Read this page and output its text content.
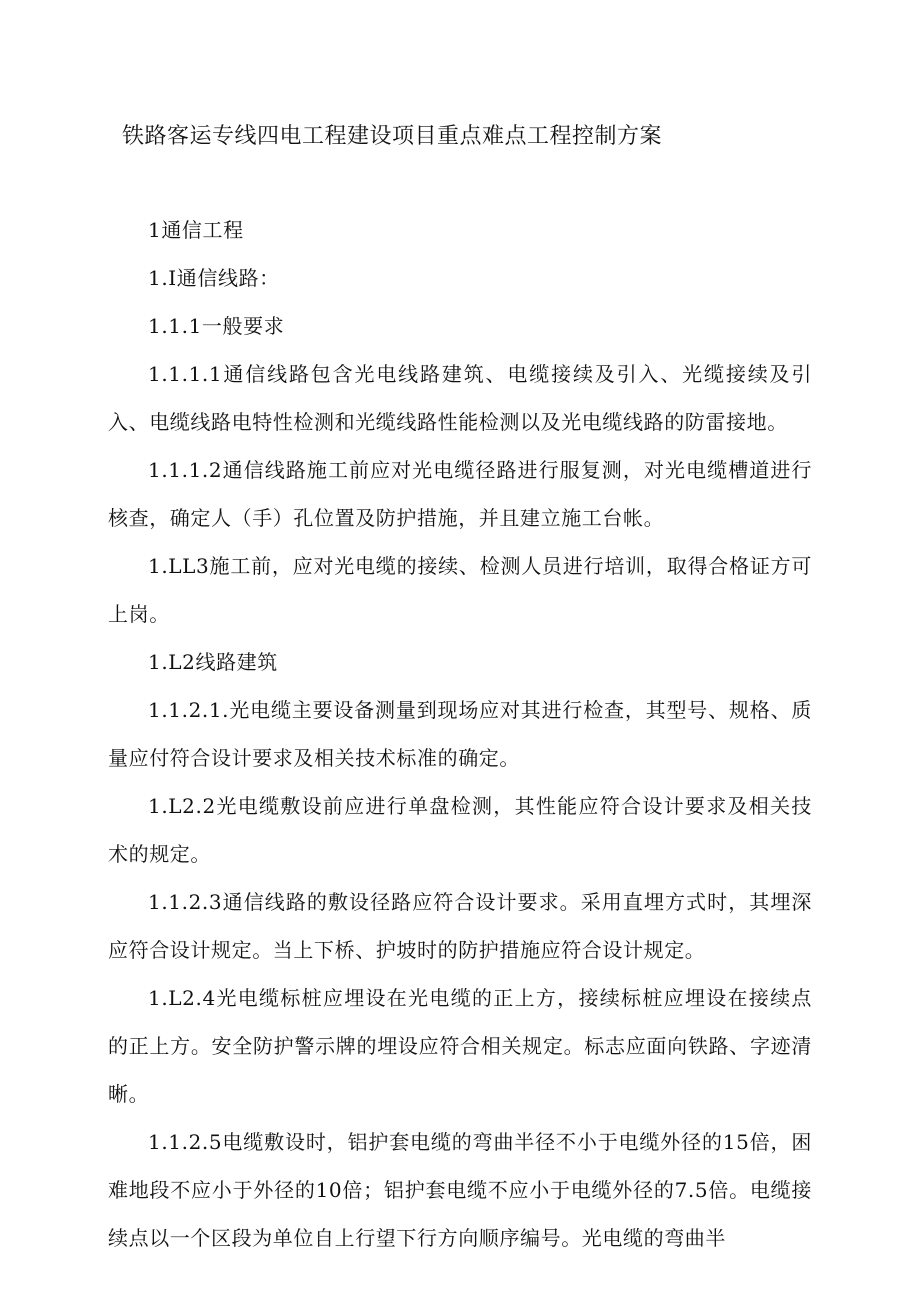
铁路客运专线四电工程建设项目重点难点工程控制方案

1通信工程

1.I通信线路：

1.1.1一般要求

1.1.1.1通信线路包含光电线路建筑、电缆接续及引入、光缆接续及引入、电缆线路电特性检测和光缆线路性能检测以及光电缆线路的防雷接地。

1.1.1.2通信线路施工前应对光电缆径路进行服复测，对光电缆槽道进行核查，确定人（手）孔位置及防护措施，并且建立施工台帐。

1.LL3施工前，应对光电缆的接续、检测人员进行培训，取得合格证方可上岗。

1.L2线路建筑

1.1.2.1.光电缆主要设备测量到现场应对其进行检查，其型号、规格、质量应付符合设计要求及相关技术标准的确定。

1.L2.2光电缆敷设前应进行单盘检测，其性能应符合设计要求及相关技术的规定。

1.1.2.3通信线路的敷设径路应符合设计要求。采用直埋方式时，其埋深应符合设计规定。当上下桥、护坡时的防护措施应符合设计规定。

1.L2.4光电缆标桩应埋设在光电缆的正上方，接续标桩应埋设在接续点的正上方。安全防护警示牌的埋设应符合相关规定。标志应面向铁路、字迹清晰。

1.1.2.5电缆敷设时，铝护套电缆的弯曲半径不小于电缆外径的15倍，困难地段不应小于外径的10倍；铝护套电缆不应小于电缆外径的7.5倍。电缆接续点以一个区段为单位自上行望下行方向顺序编号。光电缆的弯曲半
